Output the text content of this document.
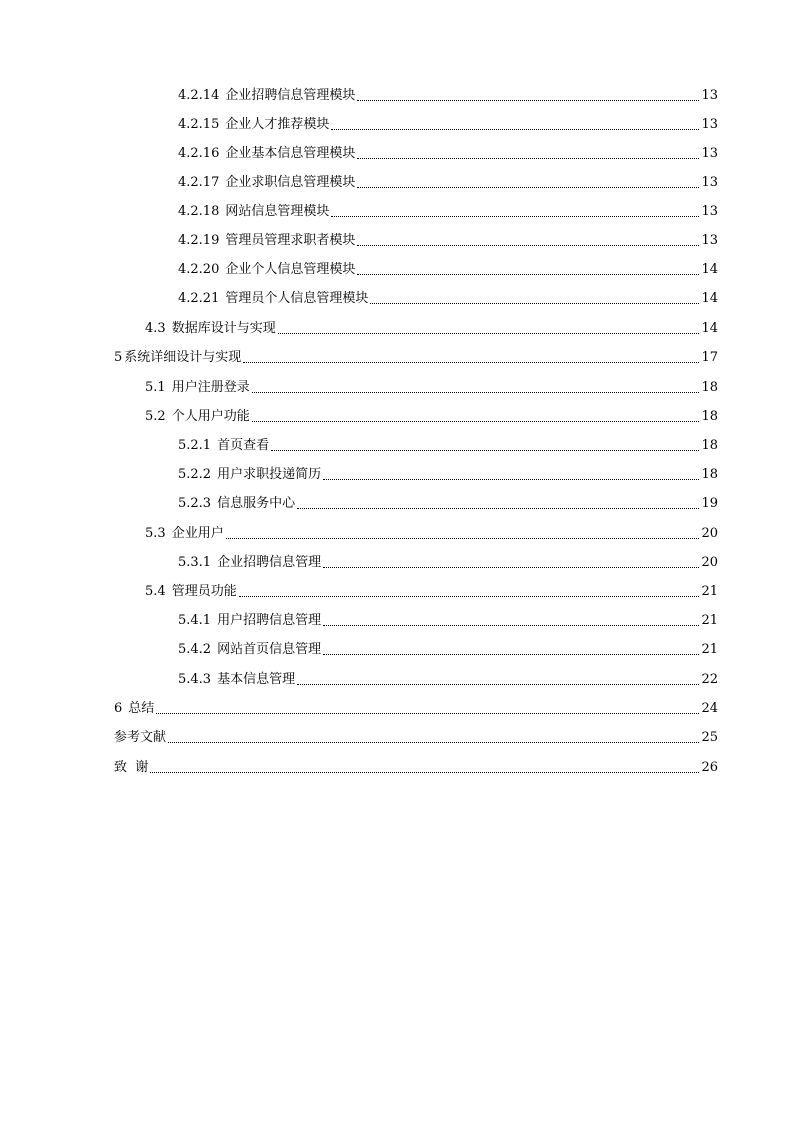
4.2.14 企业招聘信息管理模块	13
4.2.15 企业人才推荐模块	13
4.2.16 企业基本信息管理模块	13
4.2.17 企业求职信息管理模块	13
4.2.18 网站信息管理模块	13
4.2.19 管理员管理求职者模块	13
4.2.20 企业个人信息管理模块	14
4.2.21 管理员个人信息管理模块	14
4.3 数据库设计与实现	14
5 系统详细设计与实现	17
5.1 用户注册登录	18
5.2 个人用户功能	18
5.2.1 首页查看	18
5.2.2 用户求职投递简历	18
5.2.3 信息服务中心	19
5.3 企业用户	20
5.3.1 企业招聘信息管理	20
5.4 管理员功能	21
5.4.1 用户招聘信息管理	21
5.4.2 网站首页信息管理	21
5.4.3 基本信息管理	22
6 总结	24
参考文献	25
致  谢	26
